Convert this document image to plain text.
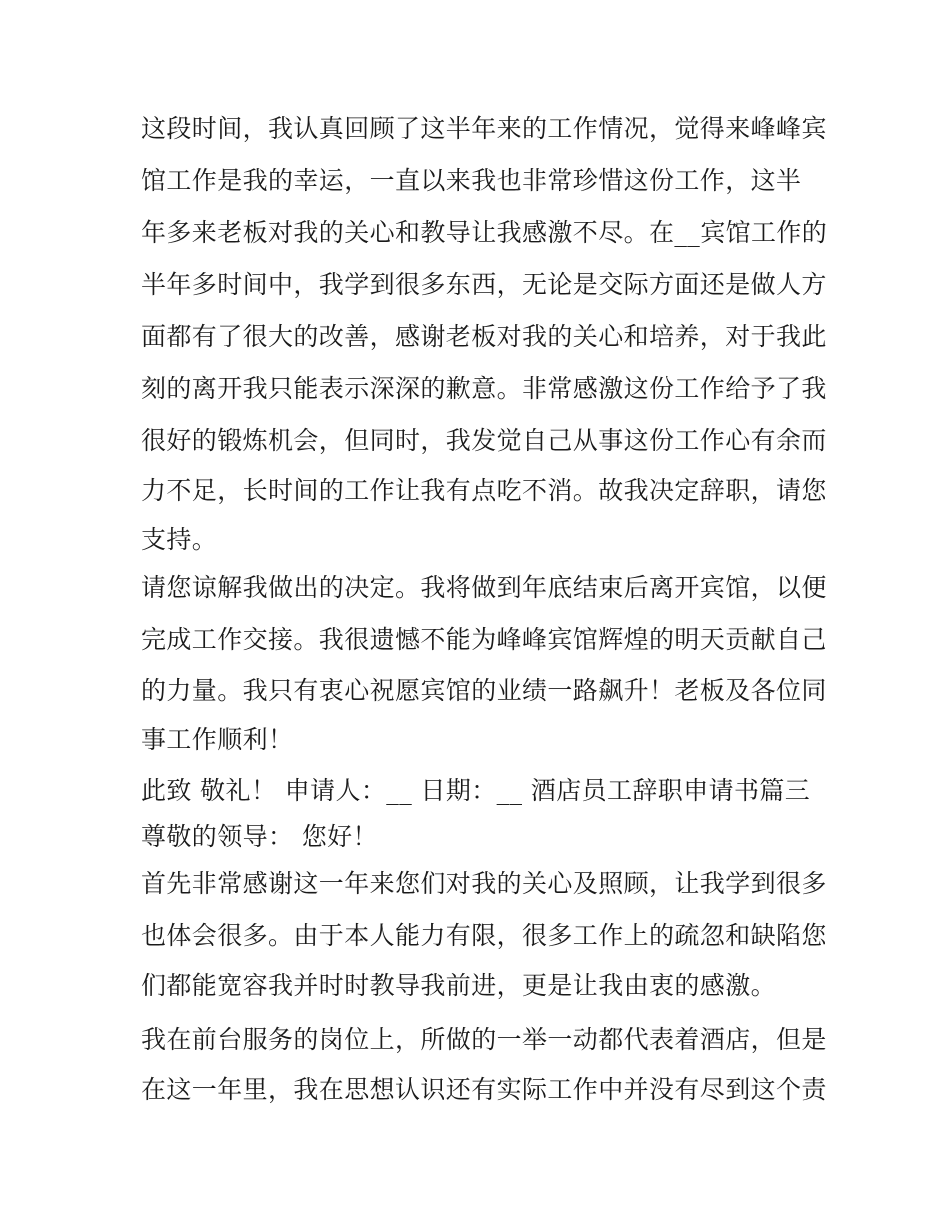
这段时间，我认真回顾了这半年来的工作情况，觉得来峰峰宾
馆工作是我的幸运，一直以来我也非常珍惜这份工作，这半
年多来老板对我的关心和教导让我感激不尽。在__宾馆工作的
半年多时间中，我学到很多东西，无论是交际方面还是做人方
面都有了很大的改善，感谢老板对我的关心和培养，对于我此
刻的离开我只能表示深深的歉意。非常感激这份工作给予了我
很好的锻炼机会，但同时，我发觉自己从事这份工作心有余而
力不足，长时间的工作让我有点吃不消。故我决定辞职，请您
支持。
请您谅解我做出的决定。我将做到年底结束后离开宾馆，以便
完成工作交接。我很遗憾不能为峰峰宾馆辉煌的明天贡献自己
的力量。我只有衷心祝愿宾馆的业绩一路飙升！老板及各位同
事工作顺利！
此致 敬礼！ 申请人：__ 日期：__ 酒店员工辞职申请书篇三
尊敬的领导： 您好！
首先非常感谢这一年来您们对我的关心及照顾，让我学到很多
也体会很多。由于本人能力有限，很多工作上的疏忽和缺陷您
们都能宽容我并时时教导我前进，更是让我由衷的感激。
我在前台服务的岗位上，所做的一举一动都代表着酒店，但是
在这一年里，我在思想认识还有实际工作中并没有尽到这个责
